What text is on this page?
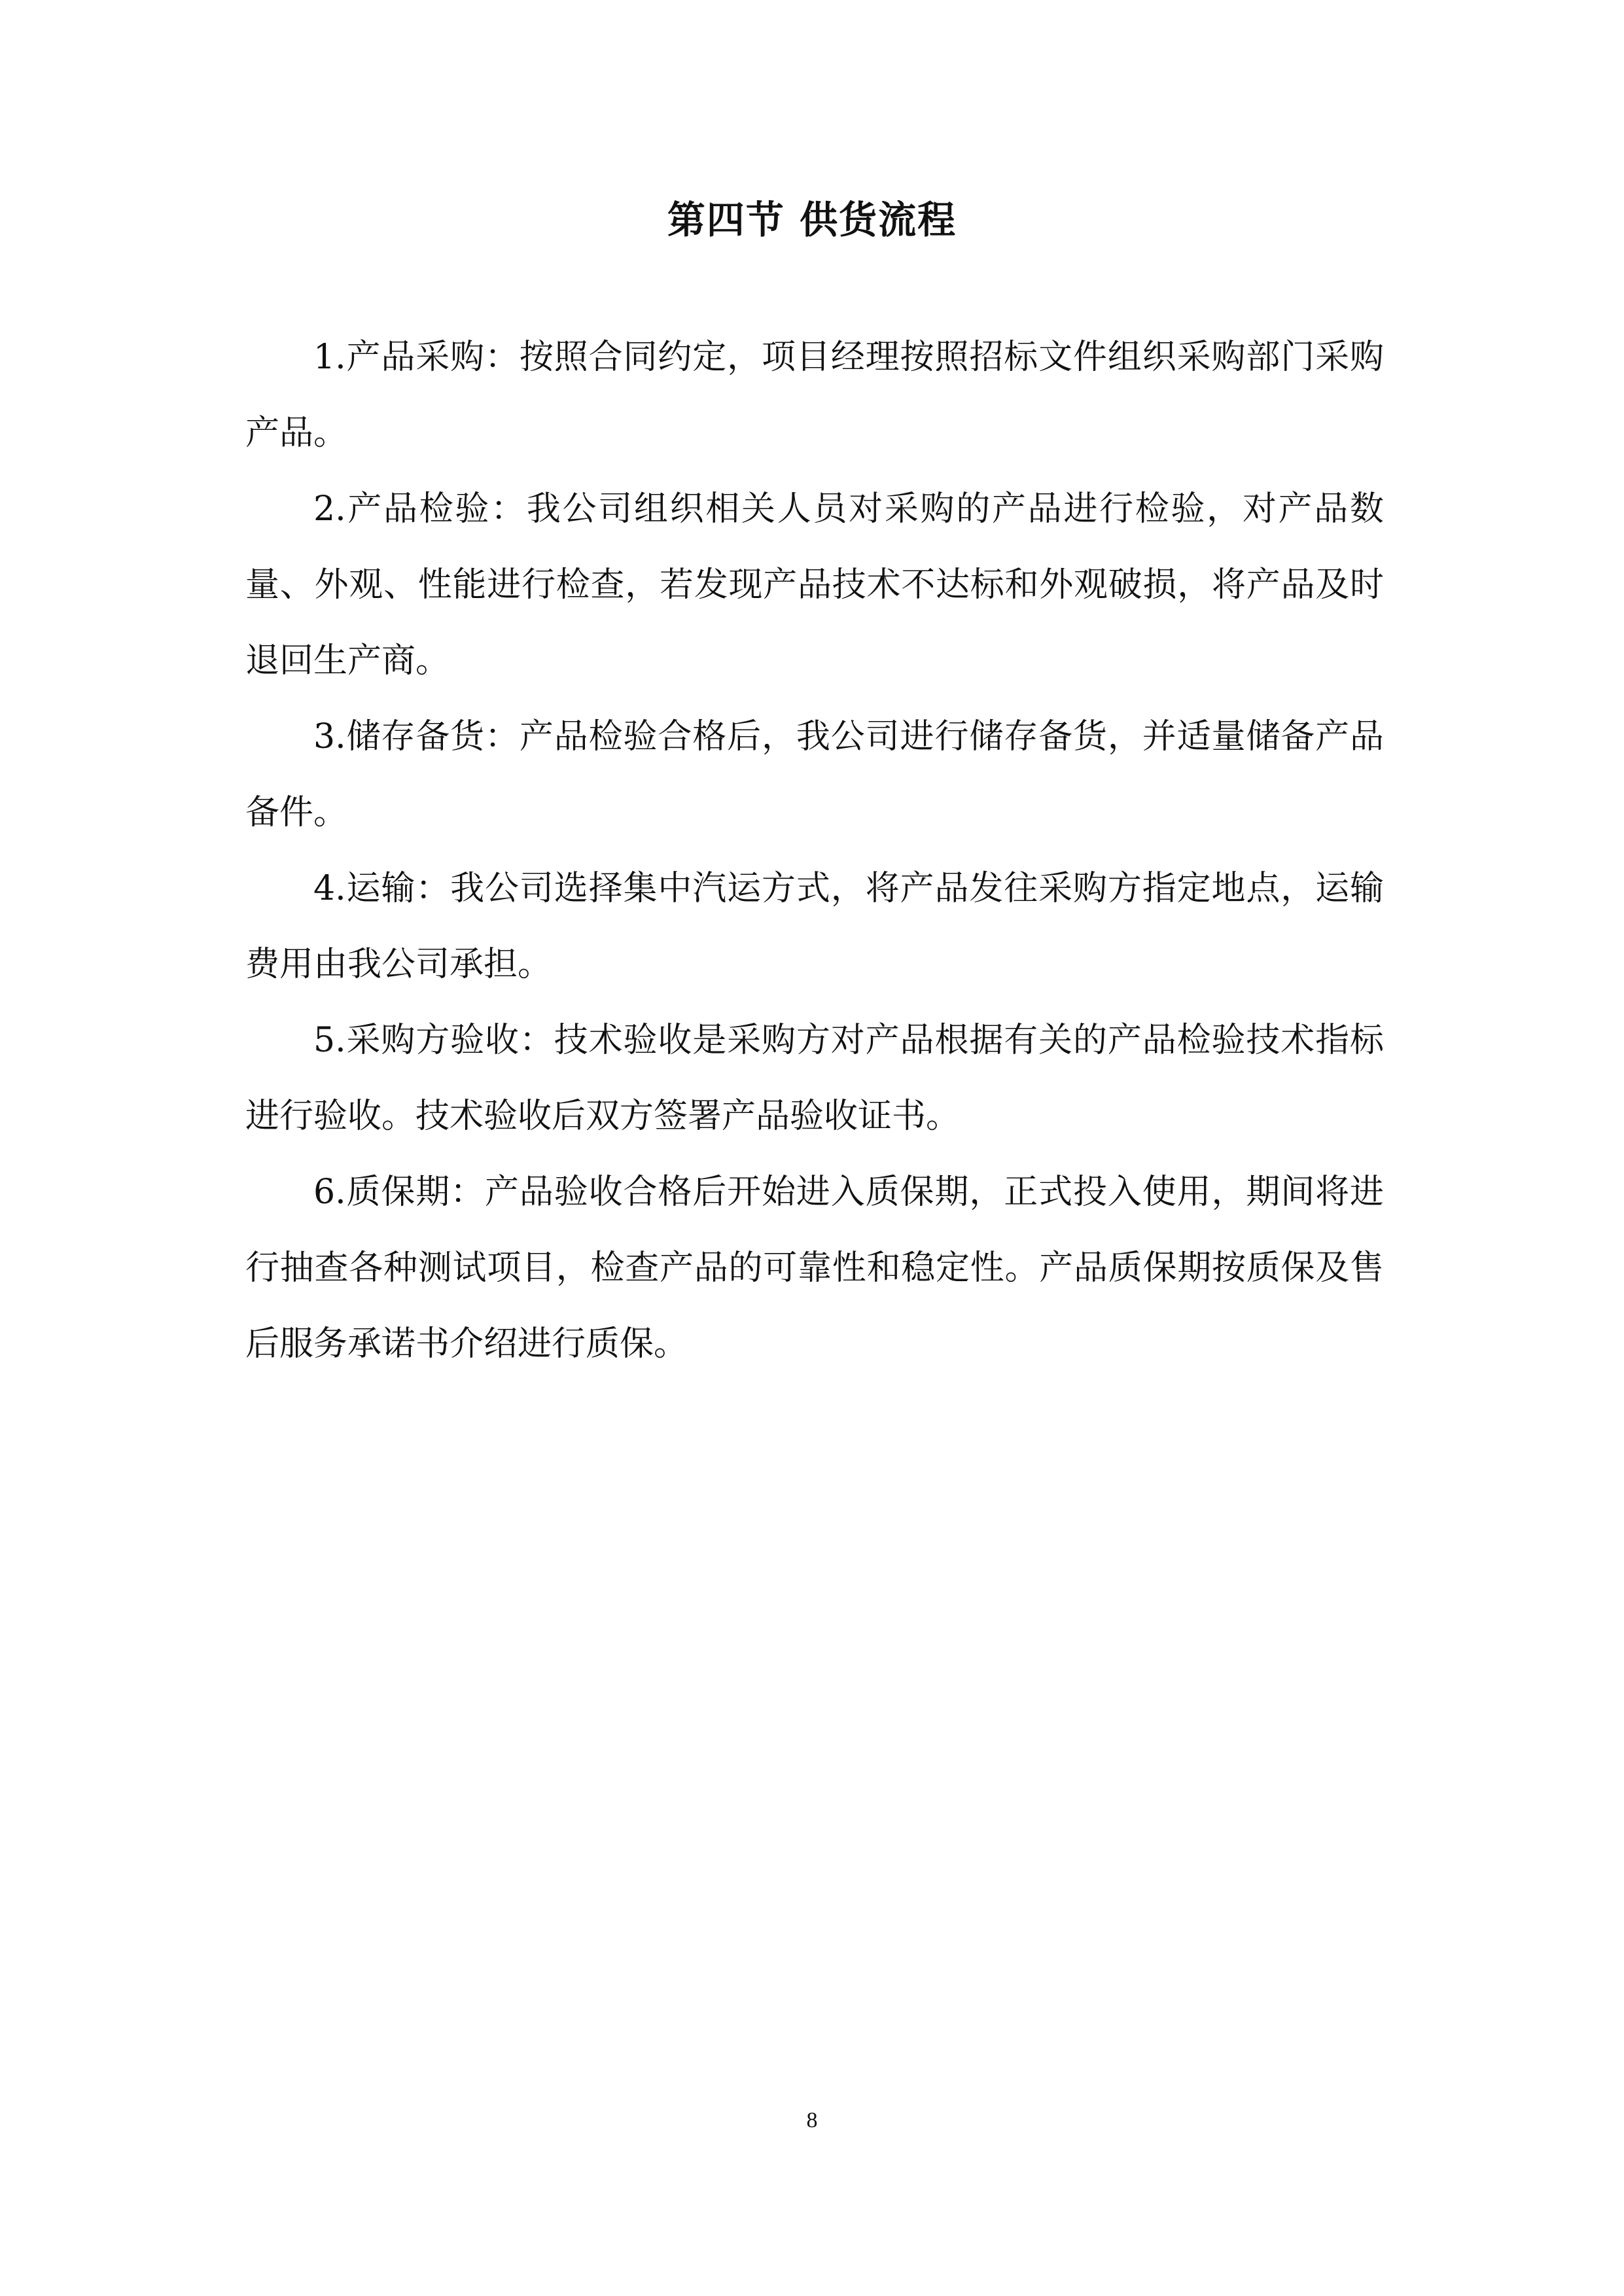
第四节 供货流程

1.产品采购：按照合同约定，项目经理按照招标文件组织采购部门采购产品。

2.产品检验：我公司组织相关人员对采购的产品进行检验，对产品数量、外观、性能进行检查，若发现产品技术不达标和外观破损，将产品及时退回生产商。

3.储存备货：产品检验合格后，我公司进行储存备货，并适量储备产品备件。

4.运输：我公司选择集中汽运方式，将产品发往采购方指定地点，运输费用由我公司承担。

5.采购方验收：技术验收是采购方对产品根据有关的产品检验技术指标进行验收。技术验收后双方签署产品验收证书。

6.质保期：产品验收合格后开始进入质保期，正式投入使用，期间将进行抽查各种测试项目，检查产品的可靠性和稳定性。产品质保期按质保及售后服务承诺书介绍进行质保。

8
